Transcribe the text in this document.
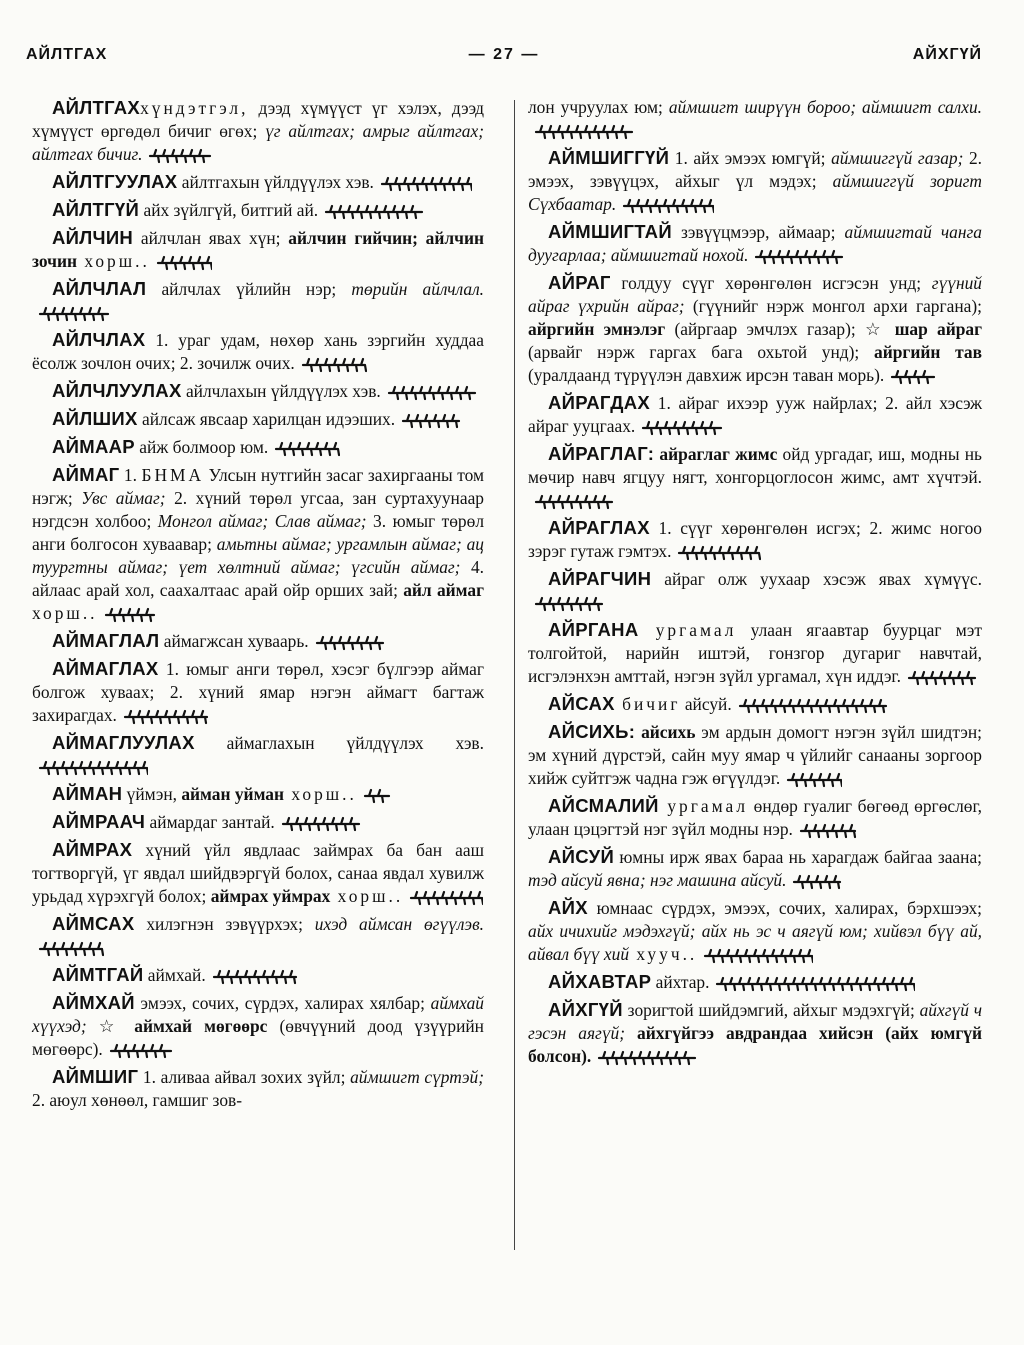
АЙЛТГАХ	— 27 —	АЙХГҮЙ
АЙЛТГАХхүндэтгэл, дээд хүмүүст үг хэлэх, дээд хүмүүст өргөдөл бичиг өгөх; үг айлтгах; амрыг айлтгах; айлтгах бичиг.
АЙЛТГУУЛАХ айлтгахын үйлдүүлэх хэв.
АЙЛТГҮЙ айх зүйлгүй, битгий ай.
АЙЛЧИН айлчлан явах хүн; айлчин гийчин; айлчин зочин хорш..
АЙЛЧЛАЛ айлчлах үйлийн нэр; төрийн айлчлал.
АЙЛЧЛАХ 1. ураг удам, нөхөр хань зэргийн худдаа ёсолж зочлон очих; 2. зочилж очих.
АЙЛЧЛУУЛАХ айлчлахын үйлдүүлэх хэв.
АЙЛШИХ айлсаж явсаар харилцан идээших.
АЙМААР айж болмоор юм.
АЙМАГ 1. БНМА Улсын нутгийн засаг захиргааны том нэгж; Увс аймаг; 2. хүний төрөл угсаа, зан суртахуунаар нэгдсэн холбоо; Монгол аймаг; Слав аймаг; 3. юмыг төрөл анги болгосон хуваавар; амьтны аймаг; ургамлын аймаг; ац туургтны аймаг; үет хөлтний аймаг; үгсийн аймаг; 4. айлаас арай хол, саахалтаас арай ойр орших зай; айл аймаг хорш..
АЙМАГЛАЛ аймагжсан хуваарь.
АЙМАГЛАХ 1. юмыг анги төрөл, хэсэг бүлгээр аймаг болгож хуваах; 2. хүний ямар нэгэн аймагт багтаж захирагдах.
АЙМАГЛУУЛАХ аймаглахын үйлдүүлэх хэв.
АЙМАН үймэн, айман уйман хорш..
АЙМРААЧ аймардаг зантай.
АЙМРАХ хүний үйл явдлаас займрах ба бан ааш тогтворгүй, үг явдал шийдвэргүй болох, санаа явдал хувилж урьдад хүрэхгүй болох; аймрах уймрах хорш..
АЙМСАХ хилэгнэн зэвүүрхэх; ихэд аймсан өгүүлэв.
АЙМТГАЙ аймхай.
АЙМХАЙ эмээх, сочих, сүрдэх, халирах хялбар; аймхай хүүхэд; ☆ аймхай мөгөөрс (өвчүүний доод үзүүрийн мөгөөрс).
АЙМШИГ 1. аливаа айвал зохих зүйл; аймшигт сүртэй; 2. аюул хөнөөл, гамшиг зов-
лон учруулах юм; аймшигт ширүүн бороо; аймшигт салхи.
АЙМШИГГҮЙ 1. айх эмээх юмгүй; аймшиггүй газар; 2. эмээх, зэвүүцэх, айхыг үл мэдэх; аймшиггүй зоригт Сүхбаатар.
АЙМШИГТАЙ зэвүүцмээр, аймаар; аймшигтай чанга дуугарлаа; аймшигтай нохой.
АЙРАГ голдуу сүүг хөрөнгөлөн исгэсэн унд; гүүний айраг үхрийн айраг; (гүүнийг нэрж монгол архи гаргана); айргийн эмнэлэг (айргаар эмчлэх газар); ☆ шар айраг (арвайг нэрж гаргах бага охьтой унд); айргийн тав (уралдаанд түрүүлэн давхиж ирсэн таван морь).
АЙРАГДАХ 1. айраг ихээр ууж найрлах; 2. айл хэсэж айраг ууцгаах.
АЙРАГЛАГ: айраглаг жимс ойд ургадаг, иш, модны нь мөчир навч ягцуу нягт, хонгорцоглосон жимс, амт хүчтэй.
АЙРАГЛАХ 1. сүүг хөрөнгөлөн исгэх; 2. жимс ногоо зэрэг гутаж гэмтэх.
АЙРАГЧИН айраг олж уухаар хэсэж явах хүмүүс.
АЙРГАНА ургамал улаан ягаавтар буурцаг мэт толгойтой, нарийн иштэй, гонзгор дугариг навчтай, исгэлэнхэн амттай, нэгэн зүйл ургамал, хүн иддэг.
АЙСАХ бичиг айсуй.
АЙСИХЬ: айсихь эм ардын домогт нэгэн зүйл шидтэн; эм хүний дүрстэй, сайн муу ямар ч үйлийг санааны зоргоор хийж суйтгэж чадна гэж өгүүлдэг.
АЙСМАЛИЙ ургамал өндөр гуалиг бөгөөд өргөслөг, улаан цэцэгтэй нэг зүйл модны нэр.
АЙСУЙ юмны ирж явах бараа нь харагдаж байгаа заана; тэд айсуй явна; нэг машина айсуй.
АЙХ юмнаас сүрдэх, эмээх, сочих, халирах, бэрхшээх; айх ичихийг мэдэхгүй; айх нь эс ч аягүй юм; хийвэл бүү ай, айвал бүү хий хууч..
АЙХАВТАР айхтар.
АЙХГҮЙ зоригтой шийдэмгий, айхыг мэдэхгүй; айхгүй ч гэсэн аягүй; айхгүйгээ авдрандаа хийсэн (айх юмгүй болсон).
